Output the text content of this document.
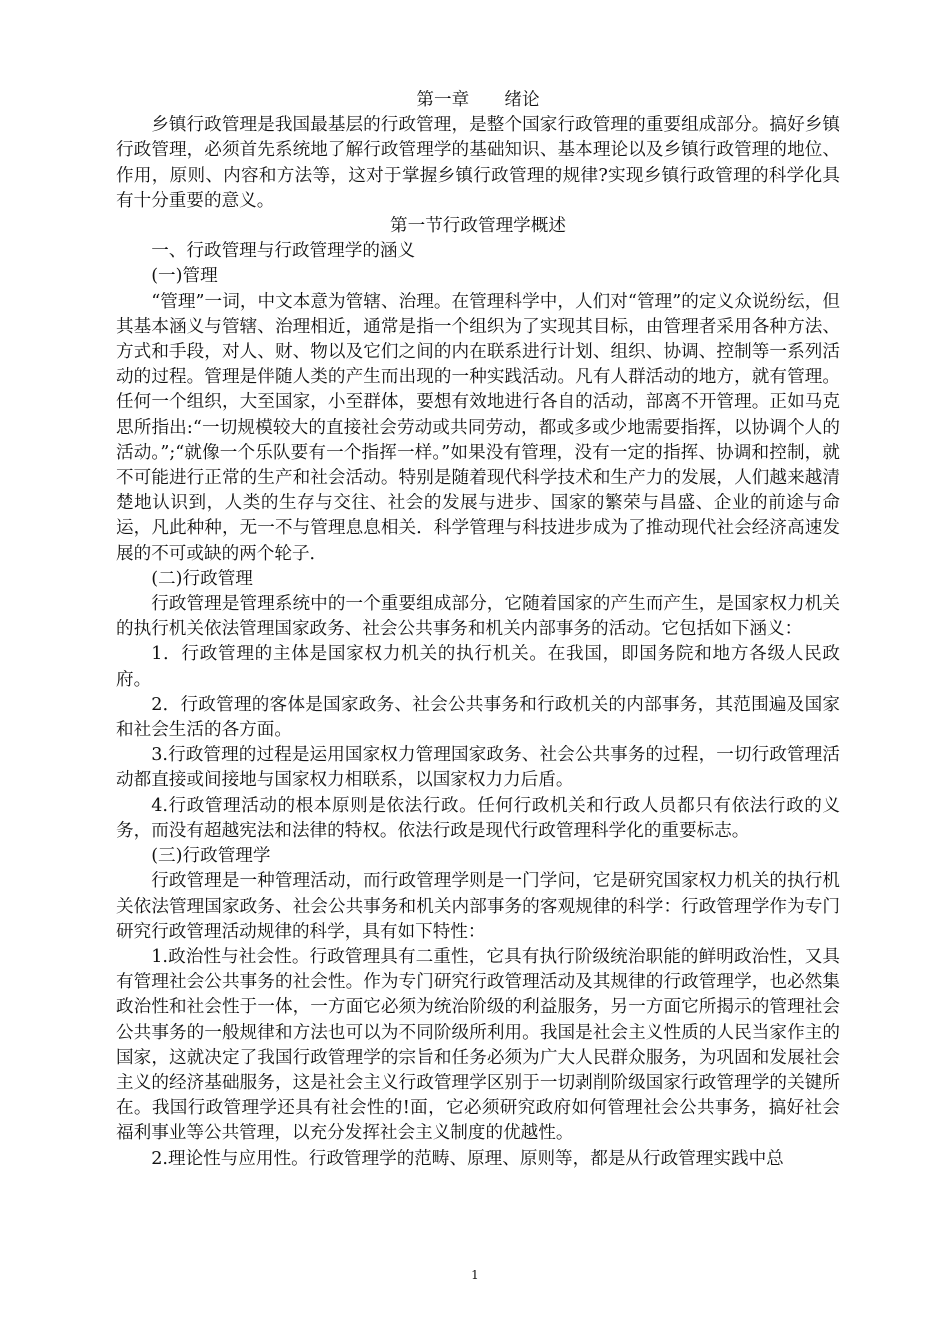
第一章　　绪论

乡镇行政管理是我国最基层的行政管理，是整个国家行政管理的重要组成部分。搞好乡镇行政管理，必须首先系统地了解行政管理学的基础知识、基本理论以及乡镇行政管理的地位、作用，原则、内容和方法等，这对于掌握乡镇行政管理的规律?实现乡镇行政管理的科学化具有十分重要的意义。

第一节行政管理学概述

一、行政管理与行政管理学的涵义

(一)管理

“管理”一词，中文本意为管辖、治理。在管理科学中，人们对“管理”的定义众说纷纭，但其基本涵义与管辖、治理相近，通常是指一个组织为了实现其目标，由管理者采用各种方法、方式和手段，对人、财、物以及它们之间的内在联系进行计划、组织、协调、控制等一系列活动的过程。管理是伴随人类的产生而出现的一种实践活动。凡有人群活动的地方，就有管理。任何一个组织，大至国家，小至群体，要想有效地进行各自的活动，部离不开管理。正如马克思所指出:“一切规模较大的直接社会劳动或共同劳动，都或多或少地需要指挥，以协调个人的活动。”;“就像一个乐队要有一个指挥一样。”如果没有管理，没有一定的指挥、协调和控制，就不可能进行正常的生产和社会活动。特别是随着现代科学技术和生产力的发展，人们越来越清楚地认识到，人类的生存与交往、社会的发展与进步、国家的繁荣与昌盛、企业的前途与命运，凡此种种，无一不与管理息息相关．科学管理与科技进步成为了推动现代社会经济高速发展的不可或缺的两个轮子．

(二)行政管理

行政管理是管理系统中的一个重要组成部分，它随着国家的产生而产生，是国家权力机关的执行机关依法管理国家政务、社会公共事务和机关内部事务的活动。它包括如下涵义：

1．行政管理的主体是国家权力机关的执行机关。在我国，即国务院和地方各级人民政府。

2．行政管理的客体是国家政务、社会公共事务和行政机关的内部事务，其范围遍及国家和社会生活的各方面。

3.行政管理的过程是运用国家权力管理国家政务、社会公共事务的过程，一切行政管理活动都直接或间接地与国家权力相联系，以国家权力力后盾。

4.行政管理活动的根本原则是依法行政。任何行政机关和行政人员都只有依法行政的义务，而没有超越宪法和法律的特权。依法行政是现代行政管理科学化的重要标志。

(三)行政管理学

行政管理是一种管理活动，而行政管理学则是一门学问，它是研究国家权力机关的执行机关依法管理国家政务、社会公共事务和机关内部事务的客观规律的科学：行政管理学作为专门研究行政管理活动规律的科学，具有如下特性：

1.政治性与社会性。行政管理具有二重性，它具有执行阶级统治职能的鲜明政治性，又具有管理社会公共事务的社会性。作为专门研究行政管理活动及其规律的行政管理学，也必然集政治性和社会性于一体，一方面它必须为统治阶级的利益服务，另一方面它所揭示的管理社会公共事务的一般规律和方法也可以为不同阶级所利用。我国是社会主义性质的人民当家作主的国家，这就决定了我国行政管理学的宗旨和任务必须为广大人民群众服务，为巩固和发展社会主义的经济基础服务，这是社会主义行政管理学区别于一切剥削阶级国家行政管理学的关键所在。我国行政管理学还具有社会性的!面，它必须研究政府如何管理社会公共事务，搞好社会福利事业等公共管理，以充分发挥社会主义制度的优越性。

2.理论性与应用性。行政管理学的范畴、原理、原则等，都是从行政管理实践中总

1
